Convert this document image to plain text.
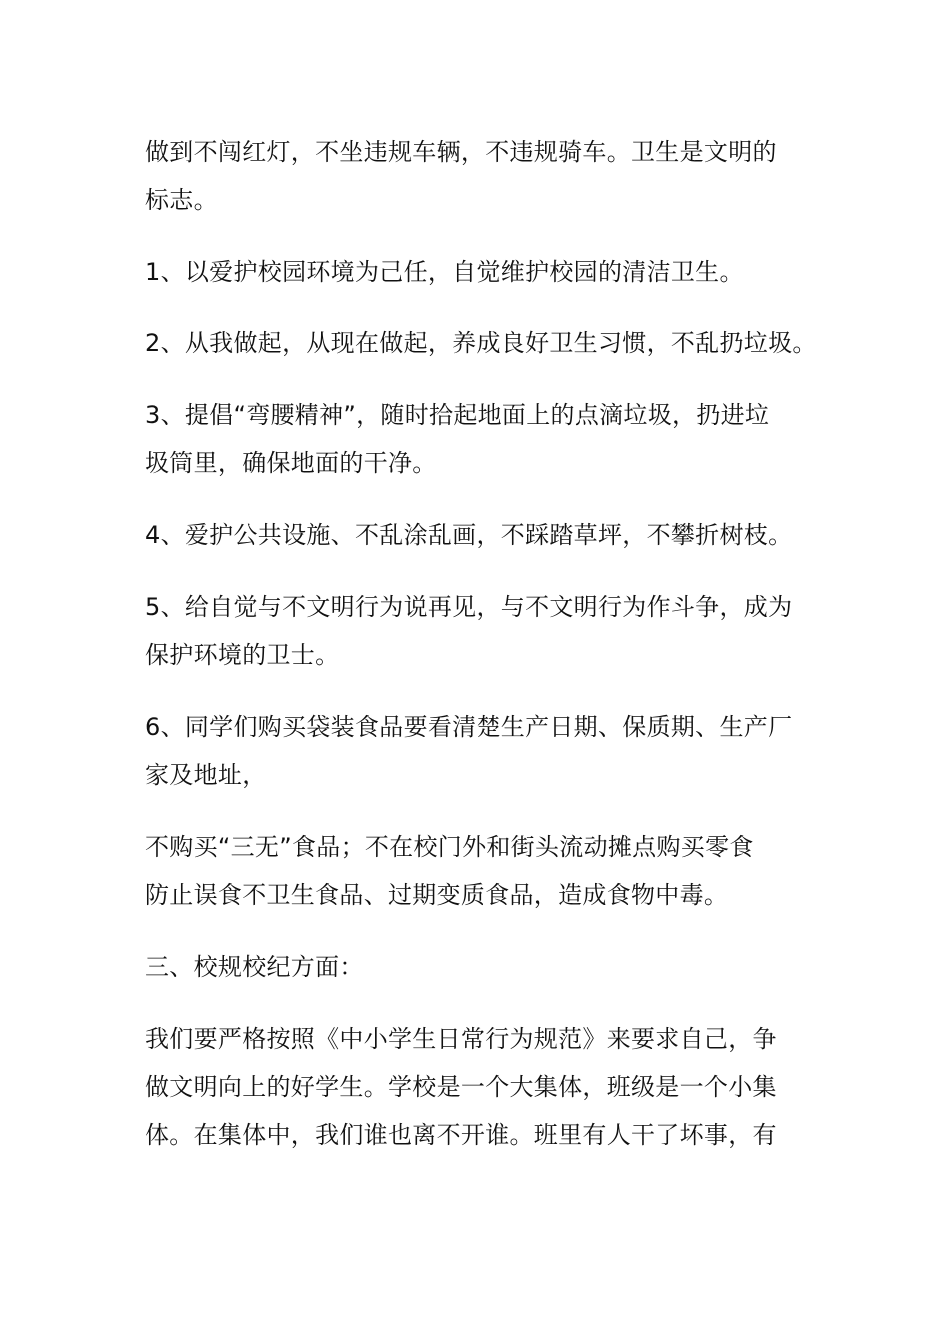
做到不闯红灯，不坐违规车辆，不违规骑车。卫生是文明的
标志。
1、以爱护校园环境为己任，自觉维护校园的清洁卫生。
2、从我做起，从现在做起，养成良好卫生习惯，不乱扔垃圾。
3、提倡“弯腰精神”，随时拾起地面上的点滴垃圾，扔进垃
圾筒里，确保地面的干净。
4、爱护公共设施、不乱涂乱画，不踩踏草坪，不攀折树枝。
5、给自觉与不文明行为说再见，与不文明行为作斗争，成为
保护环境的卫士。
6、同学们购买袋装食品要看清楚生产日期、保质期、生产厂
家及地址，
不购买“三无”食品；不在校门外和街头流动摊点购买零食
防止误食不卫生食品、过期变质食品，造成食物中毒。
三、校规校纪方面：
我们要严格按照《中小学生日常行为规范》来要求自己，争
做文明向上的好学生。学校是一个大集体，班级是一个小集
体。在集体中，我们谁也离不开谁。班里有人干了坏事，有
